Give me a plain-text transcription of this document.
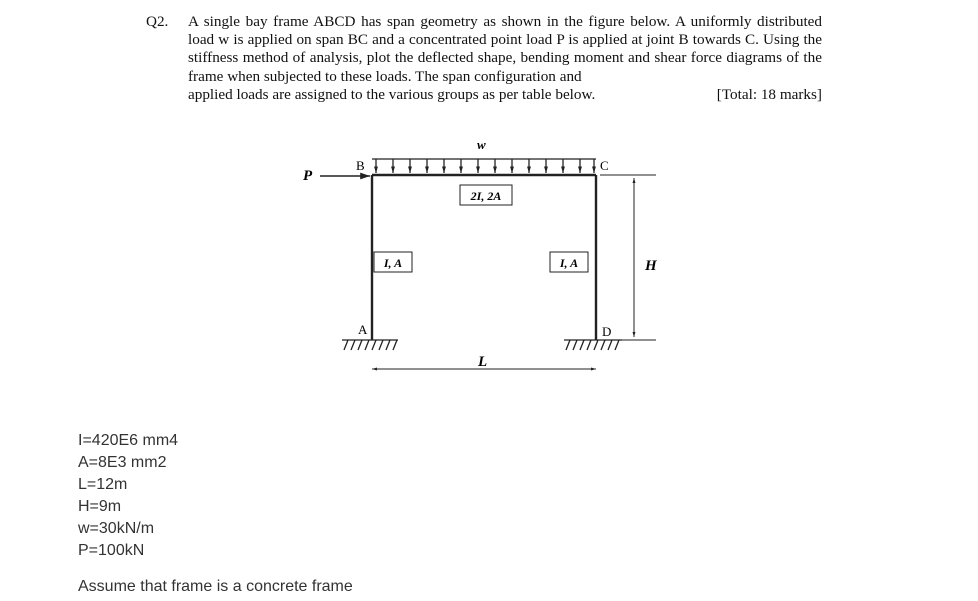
Q2. A single bay frame ABCD has span geometry as shown in the figure below. A uniformly distributed load w is applied on span BC and a concentrated point load P is applied at joint B towards C. Using the stiffness method of analysis, plot the deflected shape, bending moment and shear force diagrams of the frame when subjected to these loads. The span configuration and
applied loads are assigned to the various groups as per table below.	[Total: 18 marks]
w
P
B	C
A	D
2I, 2A
I, A	I, A	H
L
I=420E6 mm4
A=8E3 mm2
L=12m
H=9m
w=30kN/m
P=100kN
Assume that frame is a concrete frame
